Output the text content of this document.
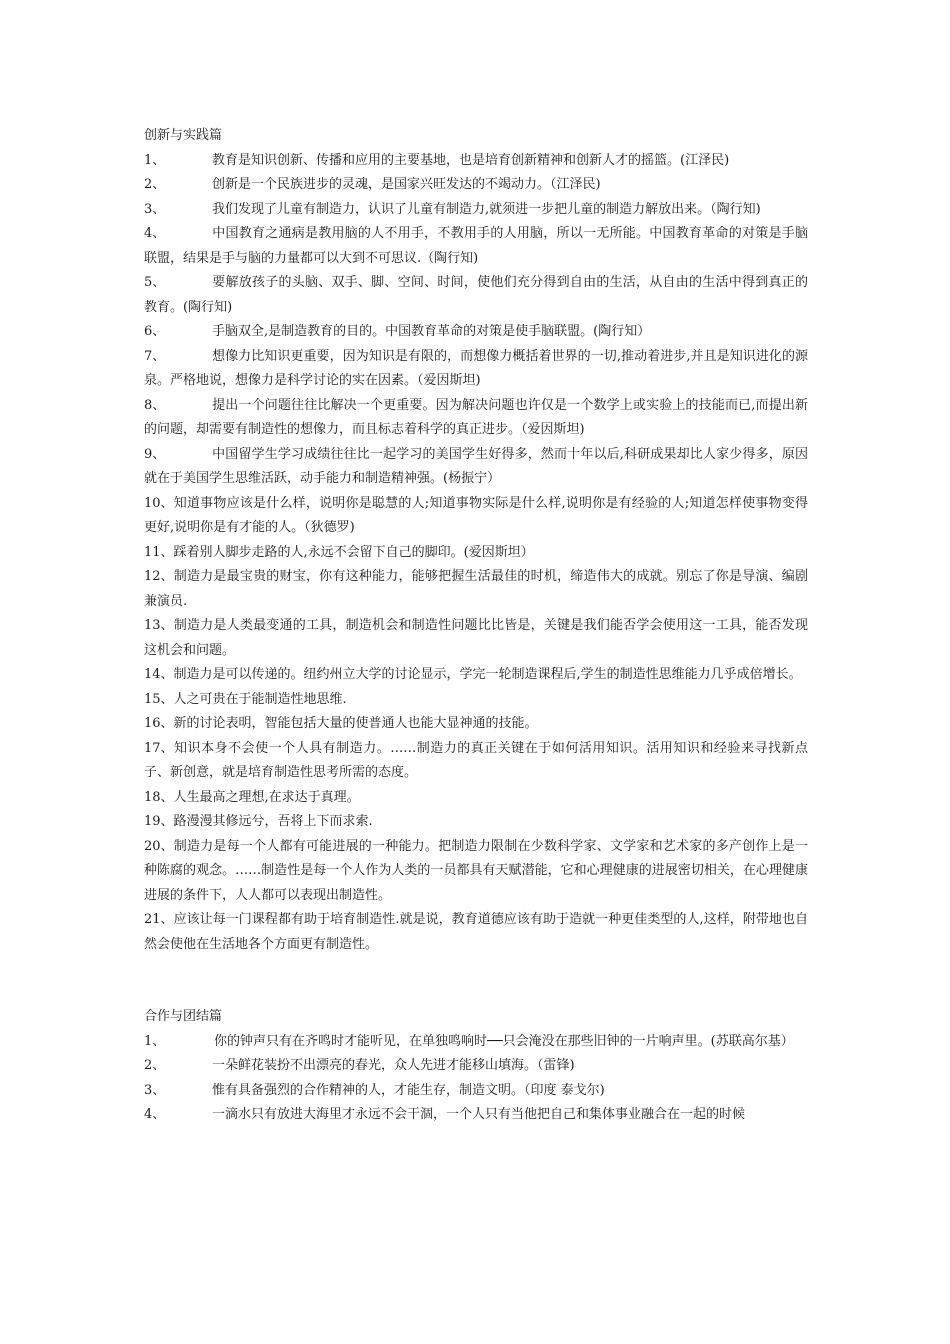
创新与实践篇

1、	教育是知识创新、传播和应用的主要基地，也是培育创新精神和创新人才的摇篮。(江泽民)

2、	创新是一个民族进步的灵魂，是国家兴旺发达的不竭动力。（江泽民)

3、	我们发现了儿童有制造力，认识了儿童有制造力,就须进一步把儿童的制造力解放出来。（陶行知)

4、	中国教育之通病是教用脑的人不用手，不教用手的人用脑，所以一无所能。中国教育革命的对策是手脑联盟，结果是手与脑的力量都可以大到不可思议.（陶行知)

5、	要解放孩子的头脑、双手、脚、空间、时间，使他们充分得到自由的生活，从自由的生活中得到真正的教育。(陶行知)

6、	手脑双全,是制造教育的目的。中国教育革命的对策是使手脑联盟。(陶行知）

7、	想像力比知识更重要，因为知识是有限的，而想像力概括着世界的一切,推动着进步,并且是知识进化的源泉。严格地说，想像力是科学讨论的实在因素。（爱因斯坦)

8、	提出一个问题往往比解决一个更重要。因为解决问题也许仅是一个数学上或实验上的技能而已,而提出新的问题，却需要有制造性的想像力，而且标志着科学的真正进步。（爱因斯坦)

9、	中国留学生学习成绩往往比一起学习的美国学生好得多，然而十年以后,科研成果却比人家少得多，原因就在于美国学生思维活跃，动手能力和制造精神强。(杨振宁）

10、知道事物应该是什么样，说明你是聪慧的人;知道事物实际是什么样,说明你是有经验的人;知道怎样使事物变得更好,说明你是有才能的人。（狄德罗)

11、踩着别人脚步走路的人,永远不会留下自己的脚印。(爱因斯坦）

12、制造力是最宝贵的财宝，你有这种能力，能够把握生活最佳的时机，缔造伟大的成就。别忘了你是导演、编剧兼演员.

13、制造力是人类最变通的工具，制造机会和制造性问题比比皆是，关键是我们能否学会使用这一工具，能否发现这机会和问题。

14、制造力是可以传递的。纽约州立大学的讨论显示，学完一轮制造课程后,学生的制造性思维能力几乎成倍增长。

15、人之可贵在于能制造性地思维.

16、新的讨论表明，智能包括大量的使普通人也能大显神通的技能。

17、知识本身不会使一个人具有制造力。……制造力的真正关键在于如何活用知识。活用知识和经验来寻找新点子、新创意，就是培育制造性思考所需的态度。

18、人生最高之理想,在求达于真理。

19、路漫漫其修远兮，吾将上下而求索.

20、制造力是每一个人都有可能进展的一种能力。把制造力限制在少数科学家、文学家和艺术家的多产创作上是一种陈腐的观念。……制造性是每一个人作为人类的一员都具有天赋潜能，它和心理健康的进展密切相关，在心理健康进展的条件下，人人都可以表现出制造性。

21、应该让每一门课程都有助于培育制造性.就是说，教育道德应该有助于造就一种更佳类型的人,这样，附带地也自然会使他在生活地各个方面更有制造性。

合作与团结篇

1、	你的钟声只有在齐鸣时才能听见，在单独鸣响时──只会淹没在那些旧钟的一片响声里。(苏联高尔基）

2、	一朵鲜花装扮不出漂亮的春光，众人先进才能移山填海。（雷锋)

3、	惟有具备强烈的合作精神的人，才能生存，制造文明。（印度 泰戈尔)

4、	一滴水只有放进大海里才永远不会干涸，一个人只有当他把自己和集体事业融合在一起的时候
